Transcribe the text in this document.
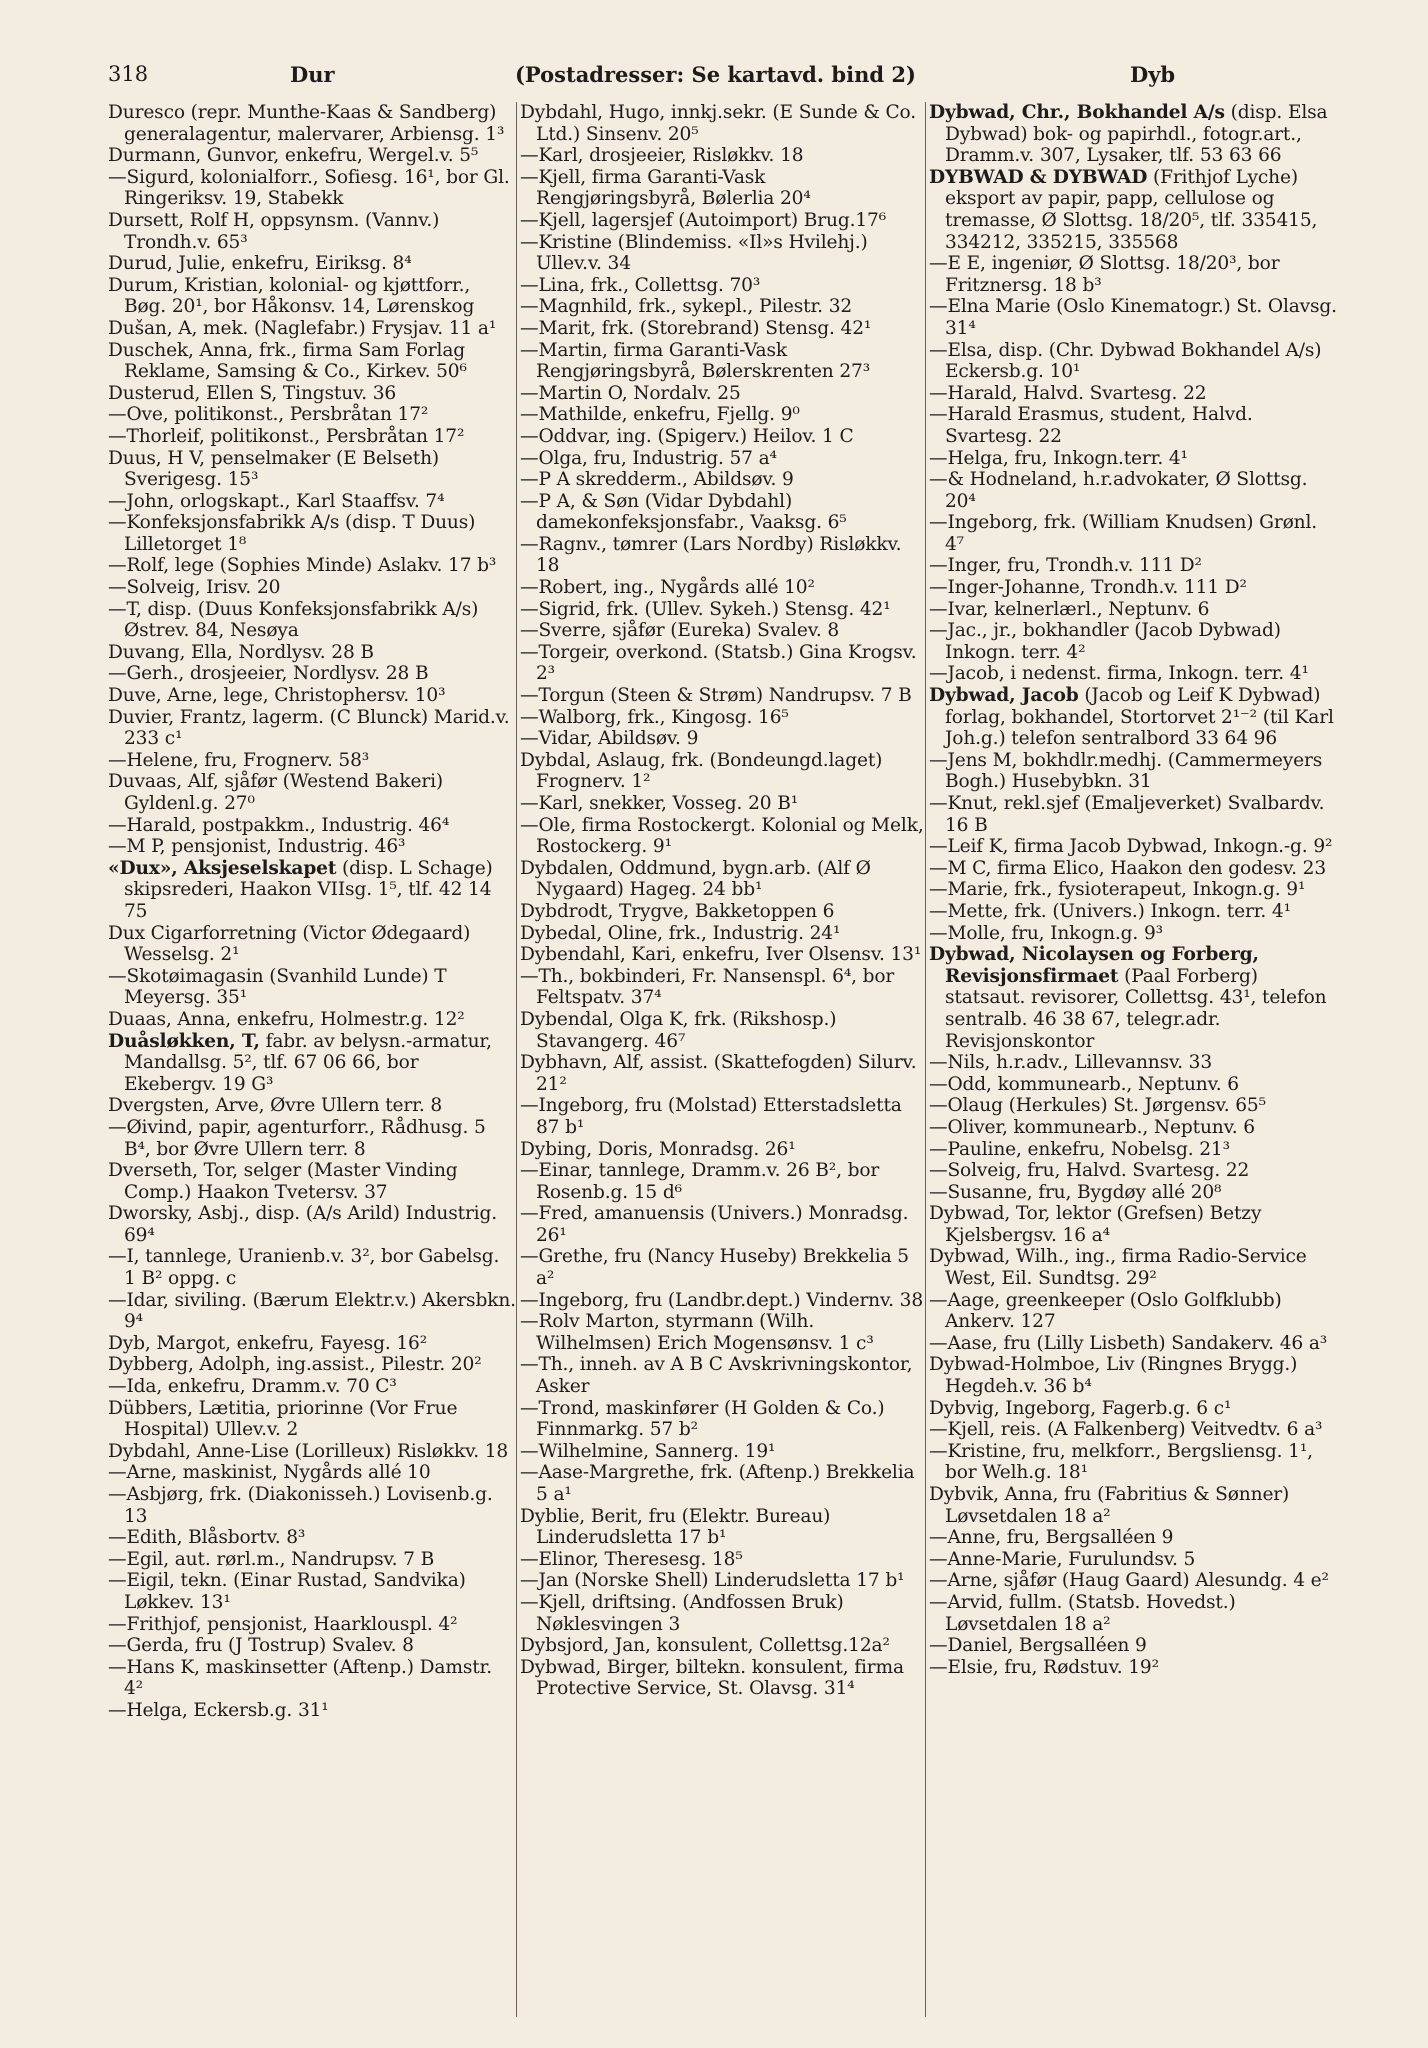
318	Dur	(Postadresser: Se kartavd. bind 2)	Dyb

Duresco (repr. Munthe-Kaas & Sandberg) generalagentur, malervarer, Arbiensg. 1³

Durmann, Gunvor, enkefru, Wergel.v. 5⁵

—Sigurd, kolonialforr., Sofiesg. 16¹, bor Gl. Ringeriksv. 19, Stabekk

Dursett, Rolf H, oppsynsm. (Vannv.) Trondh.v. 65³

Durud, Julie, enkefru, Eiriksg. 8⁴

Durum, Kristian, kolonial- og kjøttforr., Bøg. 20¹, bor Håkonsv. 14, Lørenskog

Dušan, A, mek. (Naglefabr.) Frysjav. 11 a¹

Duschek, Anna, frk., firma Sam Forlag Reklame, Samsing & Co., Kirkev. 50⁶

Dusterud, Ellen S, Tingstuv. 36

—Ove, politikonst., Persbråtan 17²

—Thorleif, politikonst., Persbråtan 17²

Duus, H V, penselmaker (E Belseth) Sverigesg. 15³

—John, orlogskapt., Karl Staaffsv. 7⁴

—Konfeksjonsfabrikk A/s (disp. T Duus) Lilletorget 1⁸

—Rolf, lege (Sophies Minde) Aslakv. 17 b³

—Solveig, Irisv. 20

—T, disp. (Duus Konfeksjonsfabrikk A/s) Østrev. 84, Nesøya

Duvang, Ella, Nordlysv. 28 B

—Gerh., drosjeeier, Nordlysv. 28 B

Duve, Arne, lege, Christophersv. 10³

Duvier, Frantz, lagerm. (C Blunck) Marid.v. 233 c¹

—Helene, fru, Frognerv. 58³

Duvaas, Alf, sjåfør (Westend Bakeri) Gyldenl.g. 27⁰

—Harald, postpakkm., Industrig. 46⁴

—M P, pensjonist, Industrig. 46³

«Dux», Aksjeselskapet (disp. L Schage) skipsrederi, Haakon VIIsg. 1⁵, tlf. 42 14 75

Dux Cigarforretning (Victor Ødegaard) Wesselsg. 2¹

—Skotøimagasin (Svanhild Lunde) T Meyersg. 35¹

Duaas, Anna, enkefru, Holmestr.g. 12²

Duåsløkken, T, fabr. av belysn.-armatur, Mandallsg. 5², tlf. 67 06 66, bor Ekebergv. 19 G³

Dvergsten, Arve, Øvre Ullern terr. 8

—Øivind, papir, agenturforr., Rådhusg. 5 B⁴, bor Øvre Ullern terr. 8

Dverseth, Tor, selger (Master Vinding Comp.) Haakon Tvetersv. 37

Dworsky, Asbj., disp. (A/s Arild) Industrig. 69⁴

—I, tannlege, Uranienb.v. 3², bor Gabelsg. 1 B² oppg. c

—Idar, siviling. (Bærum Elektr.v.) Akersbkn. 9⁴

Dyb, Margot, enkefru, Fayesg. 16²

Dybberg, Adolph, ing.assist., Pilestr. 20²

—Ida, enkefru, Dramm.v. 70 C³

Dübbers, Lætitia, priorinne (Vor Frue Hospital) Ullev.v. 2

Dybdahl, Anne-Lise (Lorilleux) Risløkkv. 18

—Arne, maskinist, Nygårds allé 10

—Asbjørg, frk. (Diakonisseh.) Lovisenb.g. 13

—Edith, Blåsbortv. 8³

—Egil, aut. rørl.m., Nandrupsv. 7 B

—Eigil, tekn. (Einar Rustad, Sandvika) Løkkev. 13¹

—Frithjof, pensjonist, Haarklouspl. 4²

—Gerda, fru (J Tostrup) Svalev. 8

—Hans K, maskinsetter (Aftenp.) Damstr. 4²

—Helga, Eckersb.g. 31¹

Dybdahl, Hugo, innkj.sekr. (E Sunde & Co. Ltd.) Sinsenv. 20⁵

—Karl, drosjeeier, Risløkkv. 18

—Kjell, firma Garanti-Vask Rengjøringsbyrå, Bølerlia 20⁴

—Kjell, lagersjef (Autoimport) Brug.17⁶

—Kristine (Blindemiss. «Il»s Hvilehj.) Ullev.v. 34

—Lina, frk., Collettsg. 70³

—Magnhild, frk., sykepl., Pilestr. 32

—Marit, frk. (Storebrand) Stensg. 42¹

—Martin, firma Garanti-Vask Rengjøringsbyrå, Bølerskrenten 27³

—Martin O, Nordalv. 25

—Mathilde, enkefru, Fjellg. 9⁰

—Oddvar, ing. (Spigerv.) Heilov. 1 C

—Olga, fru, Industrig. 57 a⁴

—P A skredderm., Abildsøv. 9

—P A, & Søn (Vidar Dybdahl) damekonfeksjonsfabr., Vaaksg. 6⁵

—Ragnv., tømrer (Lars Nordby) Risløkkv. 18

—Robert, ing., Nygårds allé 10²

—Sigrid, frk. (Ullev. Sykeh.) Stensg. 42¹

—Sverre, sjåfør (Eureka) Svalev. 8

—Torgeir, overkond. (Statsb.) Gina Krogsv. 2³

—Torgun (Steen & Strøm) Nandrupsv. 7 B

—Walborg, frk., Kingosg. 16⁵

—Vidar, Abildsøv. 9

Dybdal, Aslaug, frk. (Bondeungd.laget) Frognerv. 1²

—Karl, snekker, Vosseg. 20 B¹

—Ole, firma Rostockergt. Kolonial og Melk, Rostockerg. 9¹

Dybdalen, Oddmund, bygn.arb. (Alf Ø Nygaard) Hageg. 24 bb¹

Dybdrodt, Trygve, Bakketoppen 6

Dybedal, Oline, frk., Industrig. 24¹

Dybendahl, Kari, enkefru, Iver Olsensv. 13¹

—Th., bokbinderi, Fr. Nansenspl. 6⁴, bor Feltspatv. 37⁴

Dybendal, Olga K, frk. (Rikshosp.) Stavangerg. 46⁷

Dybhavn, Alf, assist. (Skattefogden) Silurv. 21²

—Ingeborg, fru (Molstad) Etterstadsletta 87 b¹

Dybing, Doris, Monradsg. 26¹

—Einar, tannlege, Dramm.v. 26 B², bor Rosenb.g. 15 d⁶

—Fred, amanuensis (Univers.) Monradsg. 26¹

—Grethe, fru (Nancy Huseby) Brekkelia 5 a²

—Ingeborg, fru (Landbr.dept.) Vindernv. 38

—Rolv Marton, styrmann (Wilh. Wilhelmsen) Erich Mogensønsv. 1 c³

—Th., inneh. av A B C Avskrivningskontor, Asker

—Trond, maskinfører (H Golden & Co.) Finnmarkg. 57 b²

—Wilhelmine, Sannerg. 19¹

—Aase-Margrethe, frk. (Aftenp.) Brekkelia 5 a¹

Dyblie, Berit, fru (Elektr. Bureau) Linderudsletta 17 b¹

—Elinor, Theresesg. 18⁵

—Jan (Norske Shell) Linderudsletta 17 b¹

—Kjell, driftsing. (Andfossen Bruk) Nøklesvingen 3

Dybsjord, Jan, konsulent, Collettsg.12a²

Dybwad, Birger, biltekn. konsulent, firma Protective Service, St. Olavsg. 31⁴

Dybwad, Chr., Bokhandel A/s (disp. Elsa Dybwad) bok- og papirhdl., fotogr.art., Dramm.v. 307, Lysaker, tlf. 53 63 66

DYBWAD & DYBWAD (Frithjof Lyche) eksport av papir, papp, cellulose og tremasse, Ø Slottsg. 18/20⁵, tlf. 335415, 334212, 335215, 335568

—E E, ingeniør, Ø Slottsg. 18/20³, bor Fritznersg. 18 b³

—Elna Marie (Oslo Kinematogr.) St. Olavsg. 31⁴

—Elsa, disp. (Chr. Dybwad Bokhandel A/s) Eckersb.g. 10¹

—Harald, Halvd. Svartesg. 22

—Harald Erasmus, student, Halvd. Svartesg. 22

—Helga, fru, Inkogn.terr. 4¹

—& Hodneland, h.r.advokater, Ø Slottsg. 20⁴

—Ingeborg, frk. (William Knudsen) Grønl. 4⁷

—Inger, fru, Trondh.v. 111 D²

—Inger-Johanne, Trondh.v. 111 D²

—Ivar, kelnerlærl., Neptunv. 6

—Jac., jr., bokhandler (Jacob Dybwad) Inkogn. terr. 4²

—Jacob, i nedenst. firma, Inkogn. terr. 4¹

Dybwad, Jacob (Jacob og Leif K Dybwad) forlag, bokhandel, Stortorvet 2¹⁻² (til Karl Joh.g.) telefon sentralbord 33 64 96

—Jens M, bokhdlr.medhj. (Cammermeyers Bogh.) Husebybkn. 31

—Knut, rekl.sjef (Emaljeverket) Svalbardv. 16 B

—Leif K, firma Jacob Dybwad, Inkogn.-g. 9²

—M C, firma Elico, Haakon den godesv. 23

—Marie, frk., fysioterapeut, Inkogn.g. 9¹

—Mette, frk. (Univers.) Inkogn. terr. 4¹

—Molle, fru, Inkogn.g. 9³

Dybwad, Nicolaysen og Forberg, Revisjonsfirmaet (Paal Forberg) statsaut. revisorer, Collettsg. 43¹, telefon sentralb. 46 38 67, telegr.adr. Revisjonskontor

—Nils, h.r.adv., Lillevannsv. 33

—Odd, kommunearb., Neptunv. 6

—Olaug (Herkules) St. Jørgensv. 65⁵

—Oliver, kommunearb., Neptunv. 6

—Pauline, enkefru, Nobelsg. 21³

—Solveig, fru, Halvd. Svartesg. 22

—Susanne, fru, Bygdøy allé 20⁸

Dybwad, Tor, lektor (Grefsen) Betzy Kjelsbergsv. 16 a⁴

Dybwad, Wilh., ing., firma Radio-Service West, Eil. Sundtsg. 29²

—Aage, greenkeeper (Oslo Golfklubb) Ankerv. 127

—Aase, fru (Lilly Lisbeth) Sandakerv. 46 a³

Dybwad-Holmboe, Liv (Ringnes Brygg.) Hegdeh.v. 36 b⁴

Dybvig, Ingeborg, Fagerb.g. 6 c¹

—Kjell, reis. (A Falkenberg) Veitvedtv. 6 a³

—Kristine, fru, melkforr., Bergsliensg. 1¹, bor Welh.g. 18¹

Dybvik, Anna, fru (Fabritius & Sønner) Løvsetdalen 18 a²

—Anne, fru, Bergsalléen 9

—Anne-Marie, Furulundsv. 5

—Arne, sjåfør (Haug Gaard) Alesundg. 4 e²

—Arvid, fullm. (Statsb. Hovedst.) Løvsetdalen 18 a²

—Daniel, Bergsalléen 9

—Elsie, fru, Rødstuv. 19²
